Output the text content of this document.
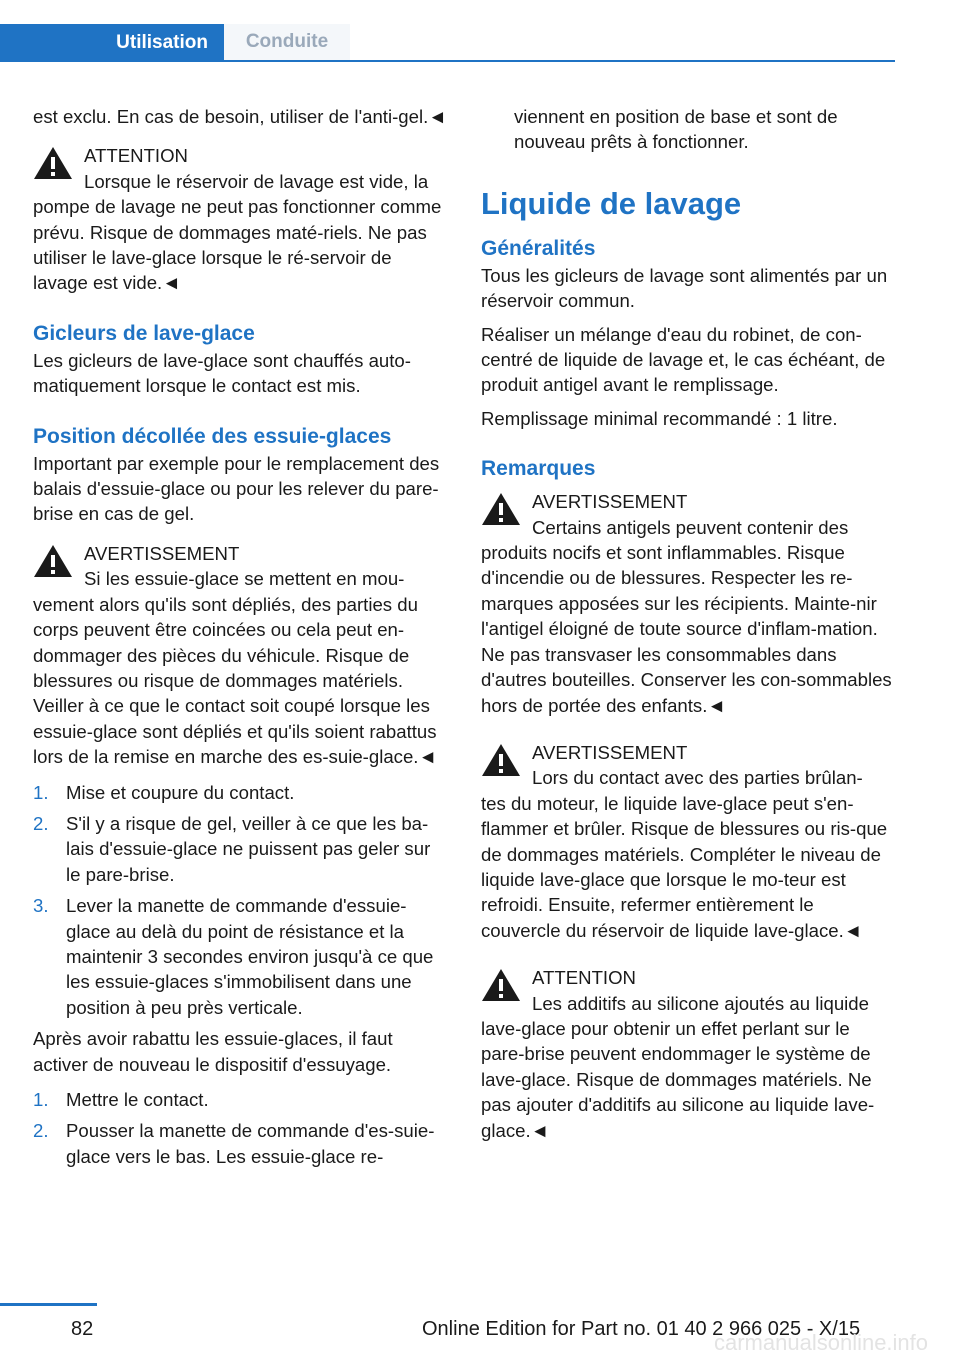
Utilisation Conduite

est exclu. En cas de besoin, utiliser de l'anti‐gel.◄

ATTENTION
Lorsque le réservoir de lavage est vide, la

pompe de lavage ne peut pas fonctionner comme prévu. Risque de dommages maté‐riels. Ne pas utiliser le lave-glace lorsque le ré‐servoir de lavage est vide.◄

Gicleurs de lave-glace

Les gicleurs de lave-glace sont chauffés auto‐matiquement lorsque le contact est mis.

Position décollée des essuie-glaces

Important par exemple pour le remplacement des balais d'essuie-glace ou pour les relever du pare-brise en cas de gel.

AVERTISSEMENT
Si les essuie-glace se mettent en mou‐

vement alors qu'ils sont dépliés, des parties du corps peuvent être coincées ou cela peut en‐dommager des pièces du véhicule. Risque de blessures ou risque de dommages matériels. Veiller à ce que le contact soit coupé lorsque les essuie-glace sont dépliés et qu'ils soient rabattus lors de la remise en marche des es‐suie-glace.◄

1. Mise et coupure du contact.
2. S'il y a risque de gel, veiller à ce que les ba‐lais d'essuie-glace ne puissent pas geler sur le pare-brise.
3. Lever la manette de commande d'essuie-glace au delà du point de résistance et la maintenir 3 secondes environ jusqu'à ce que les essuie-glaces s'immobilisent dans une position à peu près verticale.

Après avoir rabattu les essuie-glaces, il faut activer de nouveau le dispositif d'essuyage.

1. Mettre le contact.
2. Pousser la manette de commande d'es‐suie-glace vers le bas. Les essuie-glace re‐

viennent en position de base et sont de nouveau prêts à fonctionner.

Liquide de lavage
Généralités

Tous les gicleurs de lavage sont alimentés par un réservoir commun.

Réaliser un mélange d'eau du robinet, de con‐centré de liquide de lavage et, le cas échéant, de produit antigel avant le remplissage.

Remplissage minimal recommandé : 1 litre.

Remarques
AVERTISSEMENT
Certains antigels peuvent contenir des

produits nocifs et sont inflammables. Risque d'incendie ou de blessures. Respecter les re‐marques apposées sur les récipients. Mainte‐nir l'antigel éloigné de toute source d'inflam‐mation. Ne pas transvaser les consommables dans d'autres bouteilles. Conserver les con‐sommables hors de portée des enfants.◄

AVERTISSEMENT
Lors du contact avec des parties brûlan‐

tes du moteur, le liquide lave-glace peut s'en‐flammer et brûler. Risque de blessures ou ris‐que de dommages matériels. Compléter le niveau de liquide lave-glace que lorsque le mo‐teur est refroidi. Ensuite, refermer entièrement le couvercle du réservoir de liquide lave-glace.◄

ATTENTION
Les additifs au silicone ajoutés au liquide

lave-glace pour obtenir un effet perlant sur le pare-brise peuvent endommager le système de lave-glace. Risque de dommages matériels. Ne pas ajouter d'additifs au silicone au liquide lave-glace.◄

82	Online Edition for Part no. 01 40 2 966 025 - X/15
carmanualsonline.info
